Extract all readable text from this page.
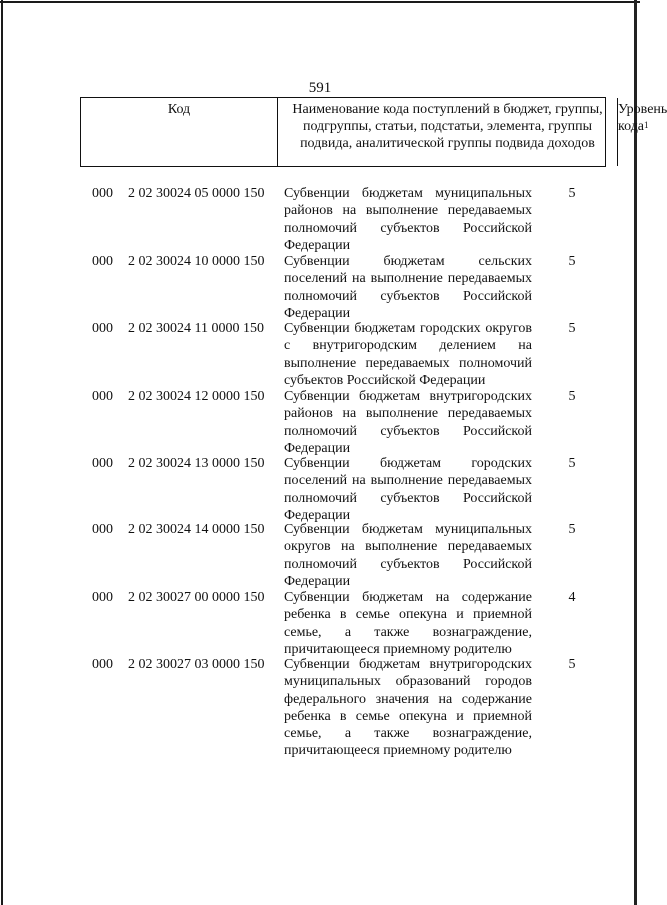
591
Код	Наименование кода поступлений в бюджет, группы, подгруппы, статьи, подстатьи, элемента, группы подвида, аналитической группы подвида доходов
Уровень кода$^1$
000 2 02 30024 05 0000 150 Субвенции бюджетам муниципальных районов на выполнение передаваемых полномочий субъектов Российской Федерации
5
000 2 02 30024 10 0000 150 Субвенции бюджетам сельских поселений на выполнение передаваемых полномочий субъектов Российской Федерации
5
000 2 02 30024 11 0000 150 Субвенции бюджетам городских округов с внутригородским делением на выполнение передаваемых полномочий субъектов Российской Федерации
5
000 2 02 30024 12 0000 150 Субвенции бюджетам внутригородских районов на выполнение передаваемых полномочий субъектов Российской Федерации
5
000 2 02 30024 13 0000 150 Субвенции бюджетам городских поселений на выполнение передаваемых полномочий субъектов Российской Федерации
5
000 2 02 30024 14 0000 150 Субвенции бюджетам муниципальных округов на выполнение передаваемых полномочий субъектов Российской Федерации
5
000 2 02 30027 00 0000 150 Субвенции бюджетам на содержание ребенка в семье опекуна и приемной семье, а также вознаграждение, причитающееся приемному родителю
4
000 2 02 30027 03 0000 150 Субвенции бюджетам внутригородских муниципальных образований городов федерального значения на содержание ребенка в семье опекуна и приемной семье, а также вознаграждение, причитающееся приемному родителю
5
